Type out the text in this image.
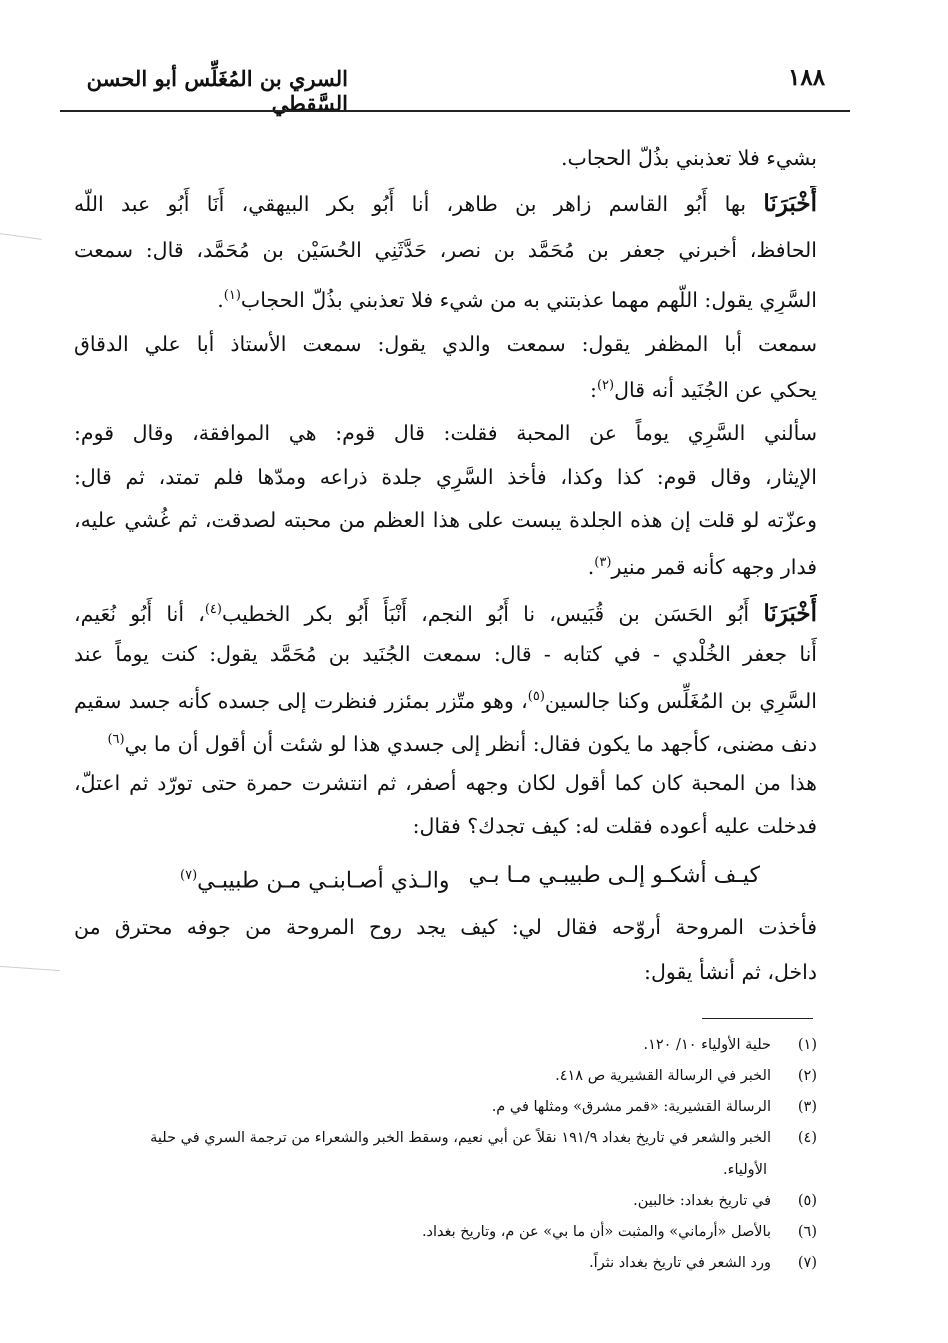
السري بن المُغَلِّس أبو الحسن السَّقطي
١٨٨
بشيء فلا تعذبني بذُلّ الحجاب.
أَخْبَرَنَا بها أَبُو القاسم زاهر بن طاهر، أنا أَبُو بكر البيهقي، أَنَا أَبُو عبد اللّه
الحافظ، أخبرني جعفر بن مُحَمَّد بن نصر، حَدَّثَنِي الحُسَيْن بن مُحَمَّد، قال: سمعت
السَّرِي يقول: اللّهم مهما عذبتني به من شيء فلا تعذبني بذُلّ الحجاب$^{(١)}$.
سمعت أبا المظفر يقول: سمعت والدي يقول: سمعت الأستاذ أبا علي الدقاق
يحكي عن الجُنَيد أنه قال$^{(٢)}$:
سألني السَّرِي يوماً عن المحبة فقلت: قال قوم: هي الموافقة، وقال قوم:
الإيثار، وقال قوم: كذا وكذا، فأخذ السَّرِي جلدة ذراعه ومدّها فلم تمتد، ثم قال:
وعزّته لو قلت إن هذه الجلدة يبست على هذا العظم من محبته لصدقت، ثم غُشي عليه،
فدار وجهه كأنه قمر منير$^{(٣)}$.
أَخْبَرَنَا أَبُو الحَسَن بن قُبَيس، نا أَبُو النجم، أَنْبَأَ أَبُو بكر الخطيب$^{(٤)}$، أنا أَبُو نُعَيم،
أَنا جعفر الخُلْدي - في كتابه - قال: سمعت الجُنَيد بن مُحَمَّد يقول: كنت يوماً عند
السَّرِي بن المُغَلِّس وكنا جالسين$^{(٥)}$، وهو متّزر بمئزر فنظرت إلى جسده كأنه جسد سقيم
دنف مضنى، كأجهد ما يكون فقال: أنظر إلى جسدي هذا لو شئت أن أقول أن ما بي$^{(٦)}$
هذا من المحبة كان كما أقول لكان وجهه أصفر، ثم انتشرت حمرة حتى تورّد ثم اعتلّ،
فدخلت عليه أعوده فقلت له: كيف تجدك؟ فقال:
كيـف أشكـو إلـى طبيبـي مـا بـي
والـذي أصـابنـي مـن طبيبـي$^{(٧)}$
فأخذت المروحة أروّحه فقال لي: كيف يجد روح المروحة من جوفه محترق من
داخل، ثم أنشأ يقول:
(١)حلية الأولياء ١٠/ ١٢٠.
(٢)الخبر في الرسالة القشيرية ص ٤١٨.
(٣)الرسالة القشيرية: «قمر مشرق» ومثلها في م.
(٤)الخبر والشعر في تاريخ بغداد ١٩١/٩ نقلاً عن أبي نعيم، وسقط الخبر والشعراء من ترجمة السري في حلية
الأولياء.
(٥)في تاريخ بغداد: خالبين.
(٦)بالأصل «أرماني» والمثبت «أن ما بي» عن م، وتاريخ بغداد.
(٧)ورد الشعر في تاريخ بغداد نثراً.
